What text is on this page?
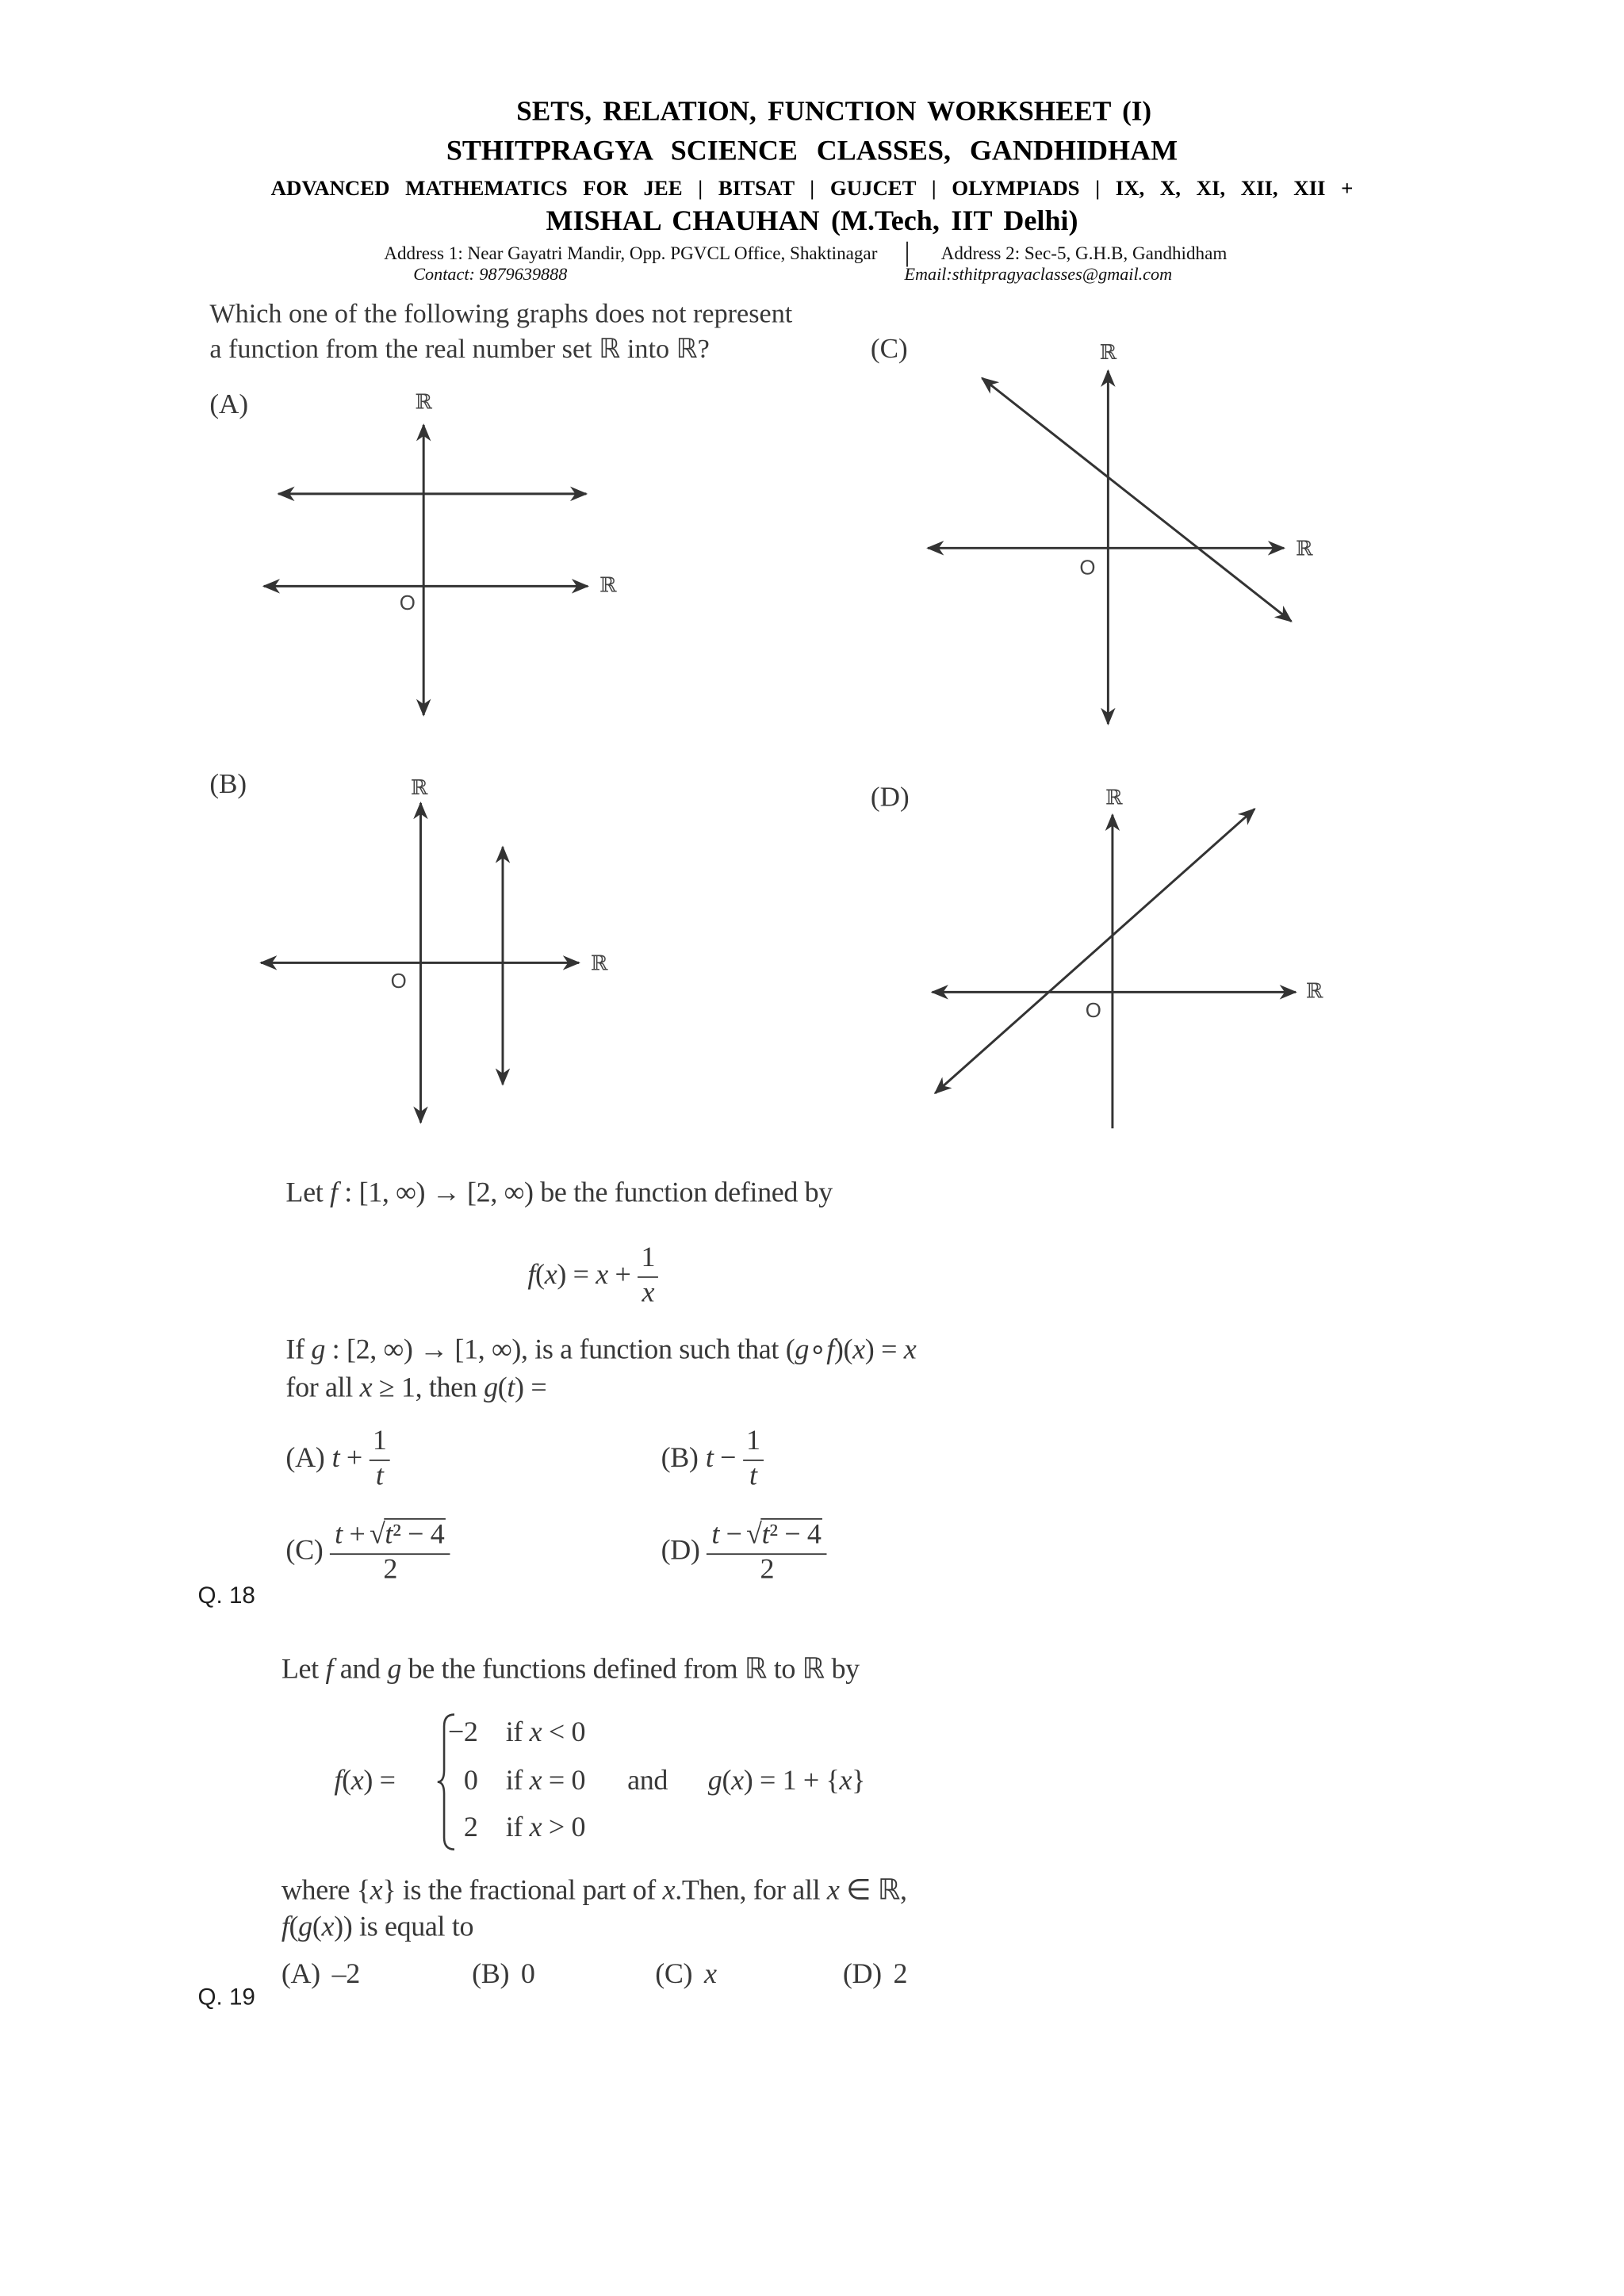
SETS, RELATION, FUNCTION WORKSHEET (I)
STHITPRAGYA SCIENCE CLASSES, GANDHIDHAM
ADVANCED MATHEMATICS FOR JEE | BITSAT | GUJCET | OLYMPIADS | IX, X, XI, XII, XII +
MISHAL CHAUHAN (M.Tech, IIT Delhi)
Address 1: Near Gayatri Mandir, Opp. PGVCL Office, Shaktinagar |	Address 2: Sec-5, G.H.B, Gandhidham
Contact: 9879639888	Email:sthitpragyaclasses@gmail.com
Which one of the following graphs does not represent
a function from the real number set ℝ into ℝ?
(A)
(B)
(C)
(D)
ℝ
ℝ
O
ℝ
ℝ
O
ℝ
ℝ
O
ℝ
ℝ
O
Let f : [1, ∞) → [2, ∞) be the function defined by
$f(x) = x + \frac{1}{x}$
If g : [2, ∞) → [1, ∞), is a function such that (g∘f)(x) = x
for all x ≥ 1, then g(t) =
(A) $t + \frac{1}{t}$	(B) $t - \frac{1}{t}$
$(C) \frac{\text{t + √ t² − 4}}{2}$	$(D) \frac{\text{t − √ t² − 4}}{2}$
Q. 18
Let f and g be the functions defined from ℝ to ℝ by
f(x) =
−2 if x < 0
0 if x = 0
2 if x > 0
and	g(x) = 1 + {x}
where {x} is the fractional part of x.Then, for all x ∈ ℝ,
f(g(x)) is equal to
(A) –2	(B) 0	(C) x	(D) 2
Q. 19
